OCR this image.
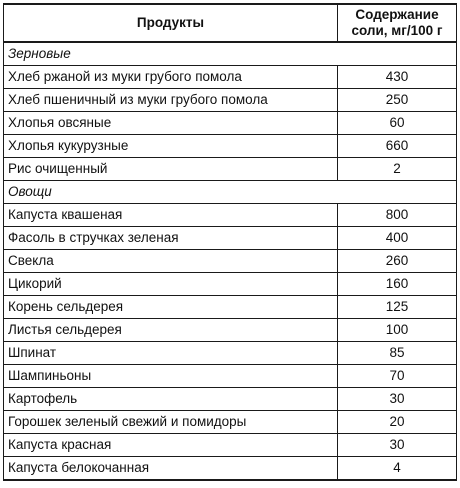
Продукты	Содержание
соли, мг/100 г
Зерновые	
Хлеб ржаной из муки грубого помола	430
Хлеб пшеничный из муки грубого помола	250
Хлопья овсяные	60
Хлопья кукурузные	660
Рис очищенный	2
Овощи	
Капуста квашеная	800
Фасоль в стручках зеленая	400
Свекла	260
Цикорий	160
Корень сельдерея	125
Листья сельдерея	100
Шпинат	85
Шампиньоны	70
Картофель	30
Горошек зеленый свежий и помидоры	20
Капуста красная	30
Капуста белокочанная	4
